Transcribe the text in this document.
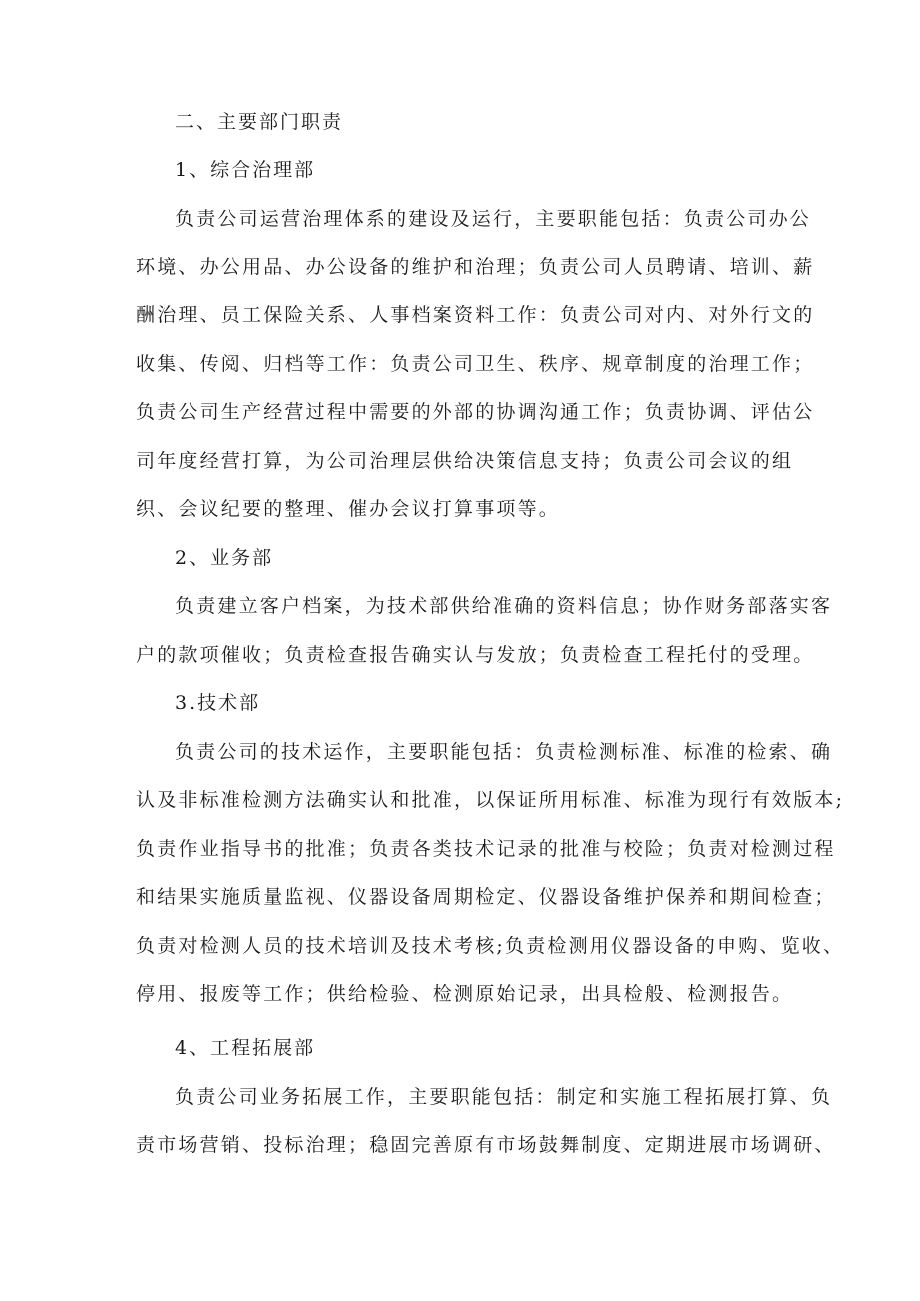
二、主要部门职责
1、综合治理部
负责公司运营治理体系的建设及运行，主要职能包括：负责公司办公
环境、办公用品、办公设备的维护和治理；负责公司人员聘请、培训、薪
酬治理、员工保险关系、人事档案资料工作：负责公司对内、对外行文的
收集、传阅、归档等工作：负责公司卫生、秩序、规章制度的治理工作；
负责公司生产经营过程中需要的外部的协调沟通工作；负责协调、评估公
司年度经营打算，为公司治理层供给决策信息支持；负责公司会议的组
织、会议纪要的整理、催办会议打算事项等。
2、业务部
负责建立客户档案，为技术部供给准确的资料信息；协作财务部落实客
户的款项催收；负责检查报告确实认与发放；负责检查工程托付的受理。
3.技术部
负责公司的技术运作，主要职能包括：负责检测标准、标准的检索、确
认及非标准检测方法确实认和批准，以保证所用标准、标准为现行有效版本;
负责作业指导书的批准；负责各类技术记录的批准与校险；负责对检测过程
和结果实施质量监视、仪器设备周期检定、仪器设备维护保养和期间检查；
负责对检测人员的技术培训及技术考核;负责检测用仪器设备的申购、览收、
停用、报废等工作；供给检验、检测原始记录，出具检般、检测报告。
4、工程拓展部
负责公司业务拓展工作，主要职能包括：制定和实施工程拓展打算、负
责市场营销、投标治理；稳固完善原有市场鼓舞制度、定期进展市场调研、
